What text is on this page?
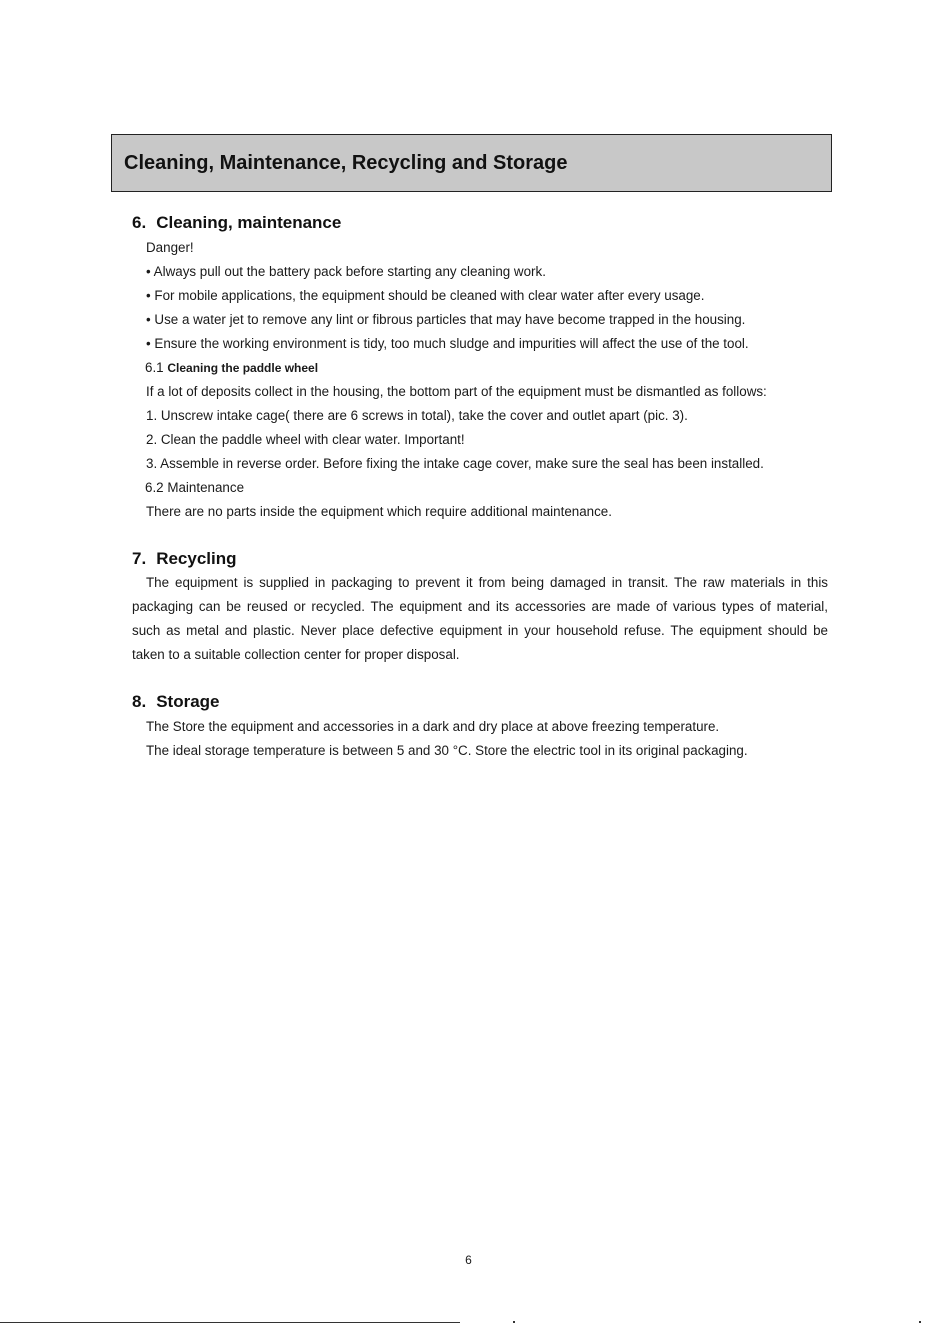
Cleaning, Maintenance, Recycling and Storage
6. Cleaning, maintenance
Danger!
• Always pull out the battery pack before starting any cleaning work.
• For mobile applications, the equipment should be cleaned with clear water after every usage.
• Use a water jet to remove any lint or fibrous particles that may have become trapped in the housing.
• Ensure the working environment is tidy, too much sludge and impurities will affect the use of the tool.
6.1 Cleaning the paddle wheel
If a lot of deposits collect in the housing, the bottom part of the equipment must be dismantled as follows:
1. Unscrew intake cage( there are 6 screws in total), take the cover and outlet apart (pic. 3).
2. Clean the paddle wheel with clear water. Important!
3. Assemble in reverse order. Before fixing the intake cage cover, make sure the seal has been installed.
6.2 Maintenance
There are no parts inside the equipment which require additional maintenance.
7. Recycling
The equipment is supplied in packaging to prevent it from being damaged in transit. The raw materials in this
packaging can be reused or recycled. The equipment and its accessories are made of various types of material,
such as metal and plastic. Never place defective equipment in your household refuse. The equipment should be
taken to a suitable collection center for proper disposal.
8. Storage
The Store the equipment and accessories in a dark and dry place at above freezing temperature.
The ideal storage temperature is between 5 and 30 °C. Store the electric tool in its original packaging.
6
